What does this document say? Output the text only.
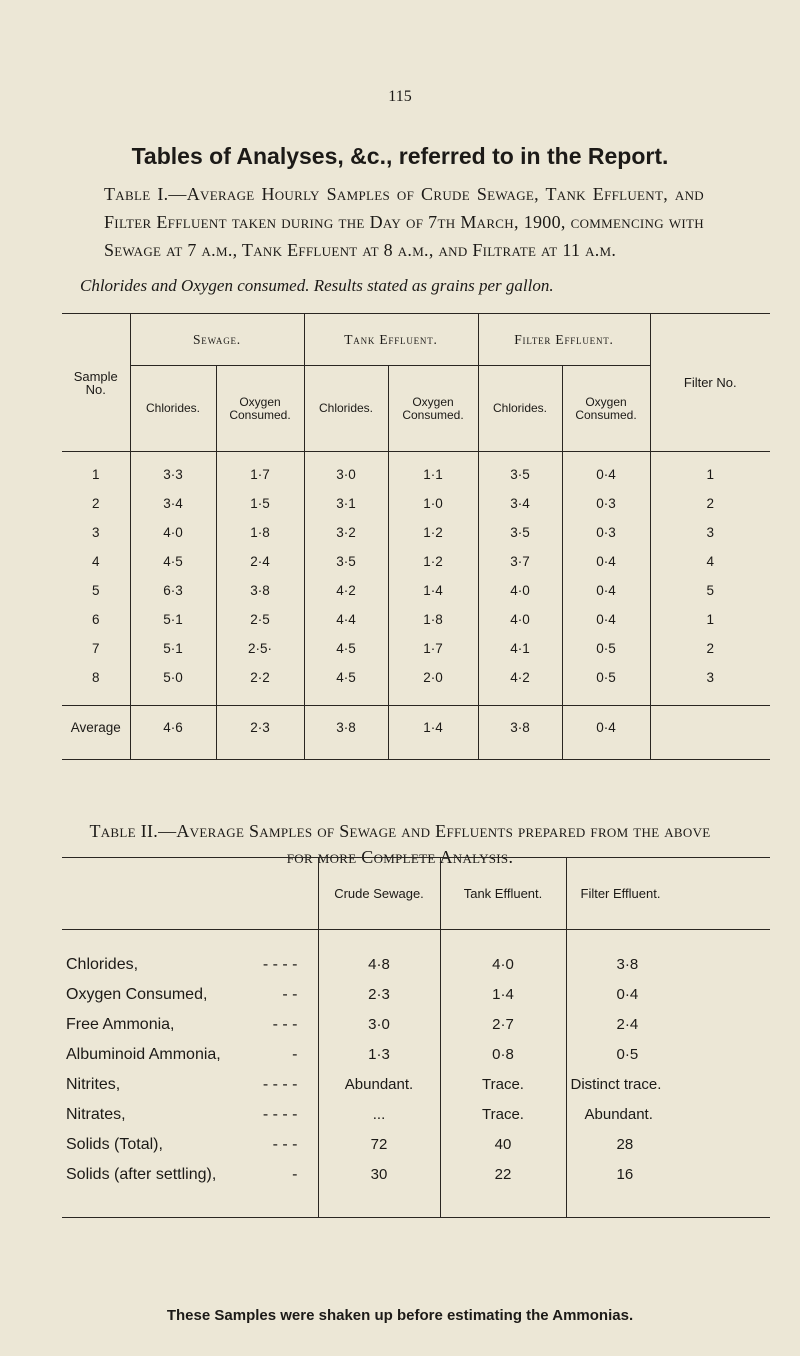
115
Tables of Analyses, &c., referred to in the Report.
Table I.—Average Hourly Samples of Crude Sewage, Tank Effluent, and Filter Effluent taken during the Day of 7th March, 1900, commencing with Sewage at 7 a.m., Tank Effluent at 8 a.m., and Filtrate at 11 a.m.
Chlorides and Oxygen consumed. Results stated as grains per gallon.
Sample No.	Sewage.		Tank Effluent.		Filter Effluent.		Filter No.
	Chlorides.	Oxygen Consumed.	Chlorides.	Oxygen Consumed.	Chlorides.	Oxygen Consumed.	

1	3·3	1·7	3·0	1·1	3·5	0·4	1
2	3·4	1·5	3·1	1·0	3·4	0·3	2
3	4·0	1·8	3·2	1·2	3·5	0·3	3
4	4·5	2·4	3·5	1·2	3·7	0·4	4
5	6·3	3·8	4·2	1·4	4·0	0·4	5
6	5·1	2·5	4·4	1·8	4·0	0·4	1
7	5·1	2·5·	4·5	1·7	4·1	0·5	2
8	5·0	2·2	4·5	2·0	4·2	0·5	3

Average	4·6	2·3	3·8	1·4	3·8	0·4	
Table II.—Average Samples of Sewage and Effluents prepared from the above for more Complete Analysis.
	Crude Sewage.	Tank Effluent.	Filter Effluent.

Chlorides, - - - -	4·8	4·0	3·8
Oxygen Consumed, - -	2·3	1·4	0·4
Free Ammonia, - - -	3·0	2·7	2·4
Albuminoid Ammonia, -	1·3	0·8	0·5
Nitrites, - - - -	Abundant.	Trace.	Distinct trace.
Nitrates, - - - -	...	Trace.	Abundant.
Solids (Total), - - -	72	40	28
Solids (after settling), -	30	22	16

These Samples were shaken up before estimating the Ammonias.
